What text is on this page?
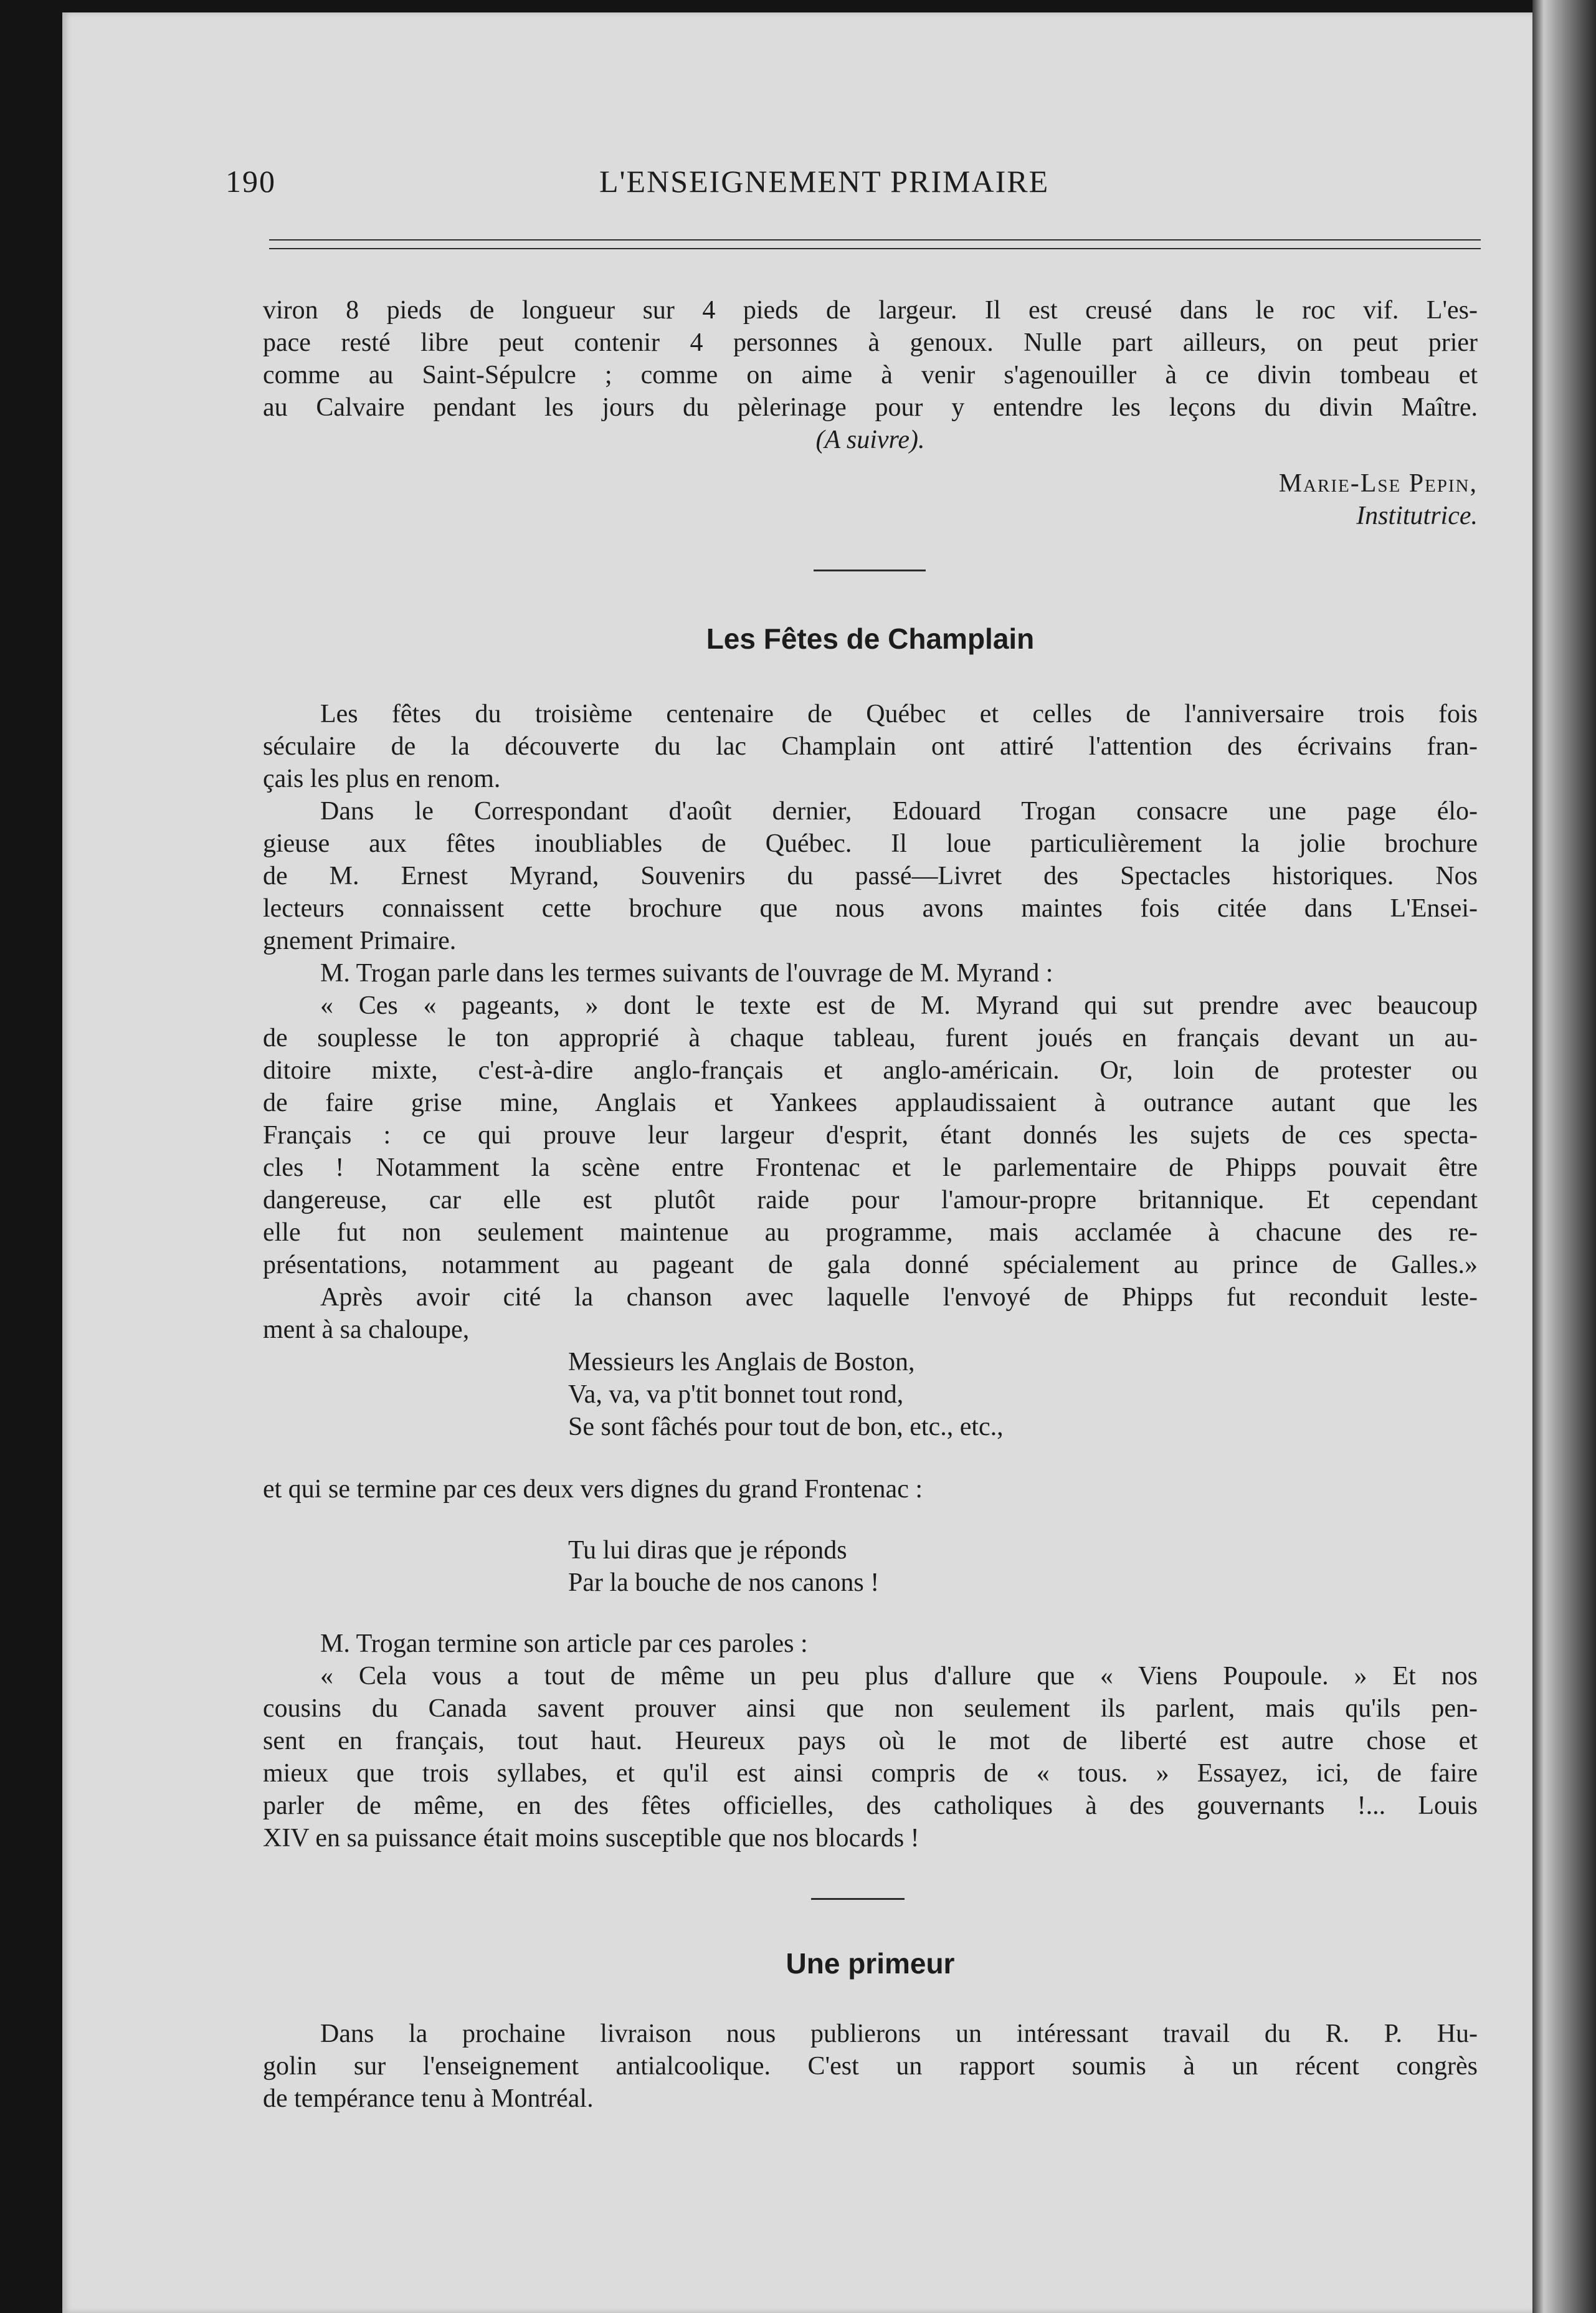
190	L'ENSEIGNEMENT PRIMAIRE

viron 8 pieds de longueur sur 4 pieds de largeur. Il est creusé dans le roc vif. L'es-

pace resté libre peut contenir 4 personnes à genoux. Nulle part ailleurs, on peut prier

comme au Saint-Sépulcre ; comme on aime à venir s'agenouiller à ce divin tombeau et

au Calvaire pendant les jours du pèlerinage pour y entendre les leçons du divin Maître.

(A suivre).

Marie-Lse Pepin,

Institutrice.

Les Fêtes de Champlain

Les fêtes du troisième centenaire de Québec et celles de l'anniversaire trois fois

séculaire de la découverte du lac Champlain ont attiré l'attention des écrivains fran-

çais les plus en renom.

Dans le Correspondant d'août dernier, Edouard Trogan consacre une page élo-

gieuse aux fêtes inoubliables de Québec. Il loue particulièrement la jolie brochure

de M. Ernest Myrand, Souvenirs du passé—Livret des Spectacles historiques. Nos

lecteurs connaissent cette brochure que nous avons maintes fois citée dans L'Ensei-

gnement Primaire.

M. Trogan parle dans les termes suivants de l'ouvrage de M. Myrand :

« Ces « pageants, » dont le texte est de M. Myrand qui sut prendre avec beaucoup

de souplesse le ton approprié à chaque tableau, furent joués en français devant un au-

ditoire mixte, c'est-à-dire anglo-français et anglo-américain. Or, loin de protester ou

de faire grise mine, Anglais et Yankees applaudissaient à outrance autant que les

Français : ce qui prouve leur largeur d'esprit, étant donnés les sujets de ces specta-

cles ! Notamment la scène entre Frontenac et le parlementaire de Phipps pouvait être

dangereuse, car elle est plutôt raide pour l'amour-propre britannique. Et cependant

elle fut non seulement maintenue au programme, mais acclamée à chacune des re-

présentations, notamment au pageant de gala donné spécialement au prince de Galles.»

Après avoir cité la chanson avec laquelle l'envoyé de Phipps fut reconduit leste-

ment à sa chaloupe,

Messieurs les Anglais de Boston,
Va, va, va p'tit bonnet tout rond,
Se sont fâchés pour tout de bon, etc., etc.,

et qui se termine par ces deux vers dignes du grand Frontenac :

Tu lui diras que je réponds
Par la bouche de nos canons !

M. Trogan termine son article par ces paroles :

« Cela vous a tout de même un peu plus d'allure que « Viens Poupoule. » Et nos

cousins du Canada savent prouver ainsi que non seulement ils parlent, mais qu'ils pen-

sent en français, tout haut. Heureux pays où le mot de liberté est autre chose et

mieux que trois syllabes, et qu'il est ainsi compris de « tous. » Essayez, ici, de faire

parler de même, en des fêtes officielles, des catholiques à des gouvernants !... Louis

XIV en sa puissance était moins susceptible que nos blocards !

Une primeur

Dans la prochaine livraison nous publierons un intéressant travail du R. P. Hu-

golin sur l'enseignement antialcoolique. C'est un rapport soumis à un récent congrès

de tempérance tenu à Montréal.
